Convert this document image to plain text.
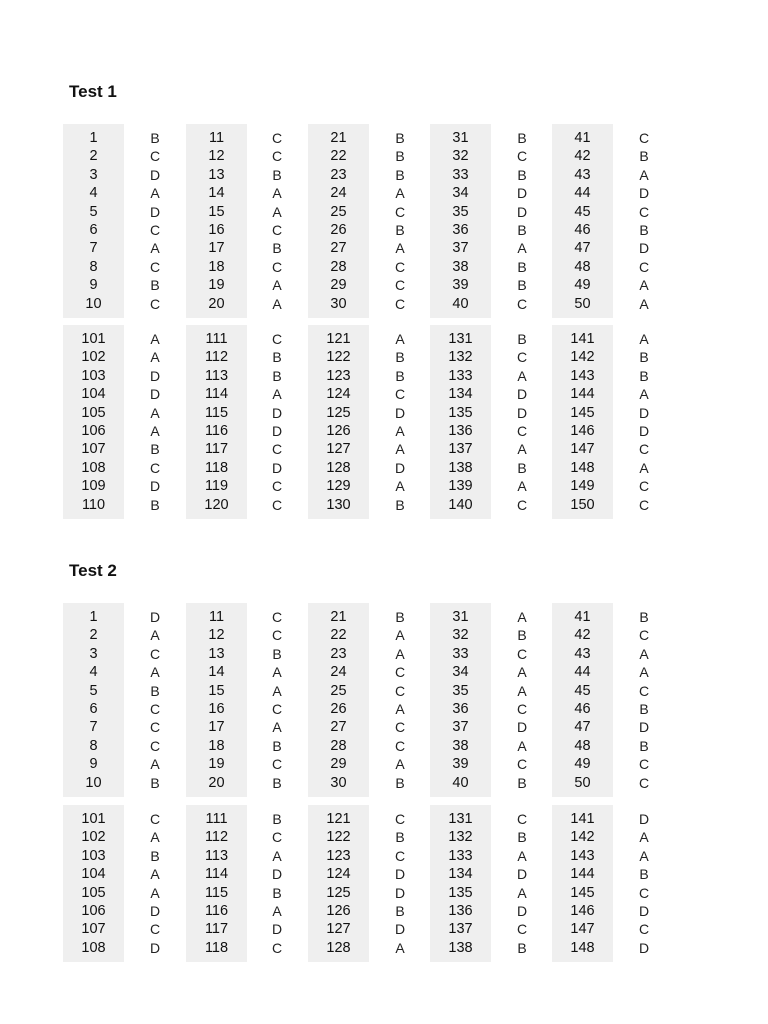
Test 1
1
2
3
4
5
6
7
8
9
10
B
C
D
A
D
C
A
C
B
C
11
12
13
14
15
16
17
18
19
20
C
C
B
A
A
C
B
C
A
A
21
22
23
24
25
26
27
28
29
30
B
B
B
A
C
B
A
C
C
C
31
32
33
34
35
36
37
38
39
40
B
C
B
D
D
B
A
B
B
C
41
42
43
44
45
46
47
48
49
50
C
B
A
D
C
B
D
C
A
A
101
102
103
104
105
106
107
108
109
110
A
A
D
D
A
A
B
C
D
B
111
112
113
114
115
116
117
118
119
120
C
B
B
A
D
D
C
D
C
C
121
122
123
124
125
126
127
128
129
130
A
B
B
C
D
A
A
D
A
B
131
132
133
134
135
136
137
138
139
140
B
C
A
D
D
C
A
B
A
C
141
142
143
144
145
146
147
148
149
150
A
B
B
A
D
D
C
A
C
C
Test 2
1
2
3
4
5
6
7
8
9
10
D
A
C
A
B
C
C
C
A
B
11
12
13
14
15
16
17
18
19
20
C
C
B
A
A
C
A
B
C
B
21
22
23
24
25
26
27
28
29
30
B
A
A
C
C
A
C
C
A
B
31
32
33
34
35
36
37
38
39
40
A
B
C
A
A
C
D
A
C
B
41
42
43
44
45
46
47
48
49
50
B
C
A
A
C
B
D
B
C
C
101
102
103
104
105
106
107
108
C
A
B
A
A
D
C
D
111
112
113
114
115
116
117
118
B
C
A
D
B
A
D
C
121
122
123
124
125
126
127
128
C
B
C
D
D
B
D
A
131
132
133
134
135
136
137
138
C
B
A
D
A
D
C
B
141
142
143
144
145
146
147
148
D
A
A
B
C
D
C
D
